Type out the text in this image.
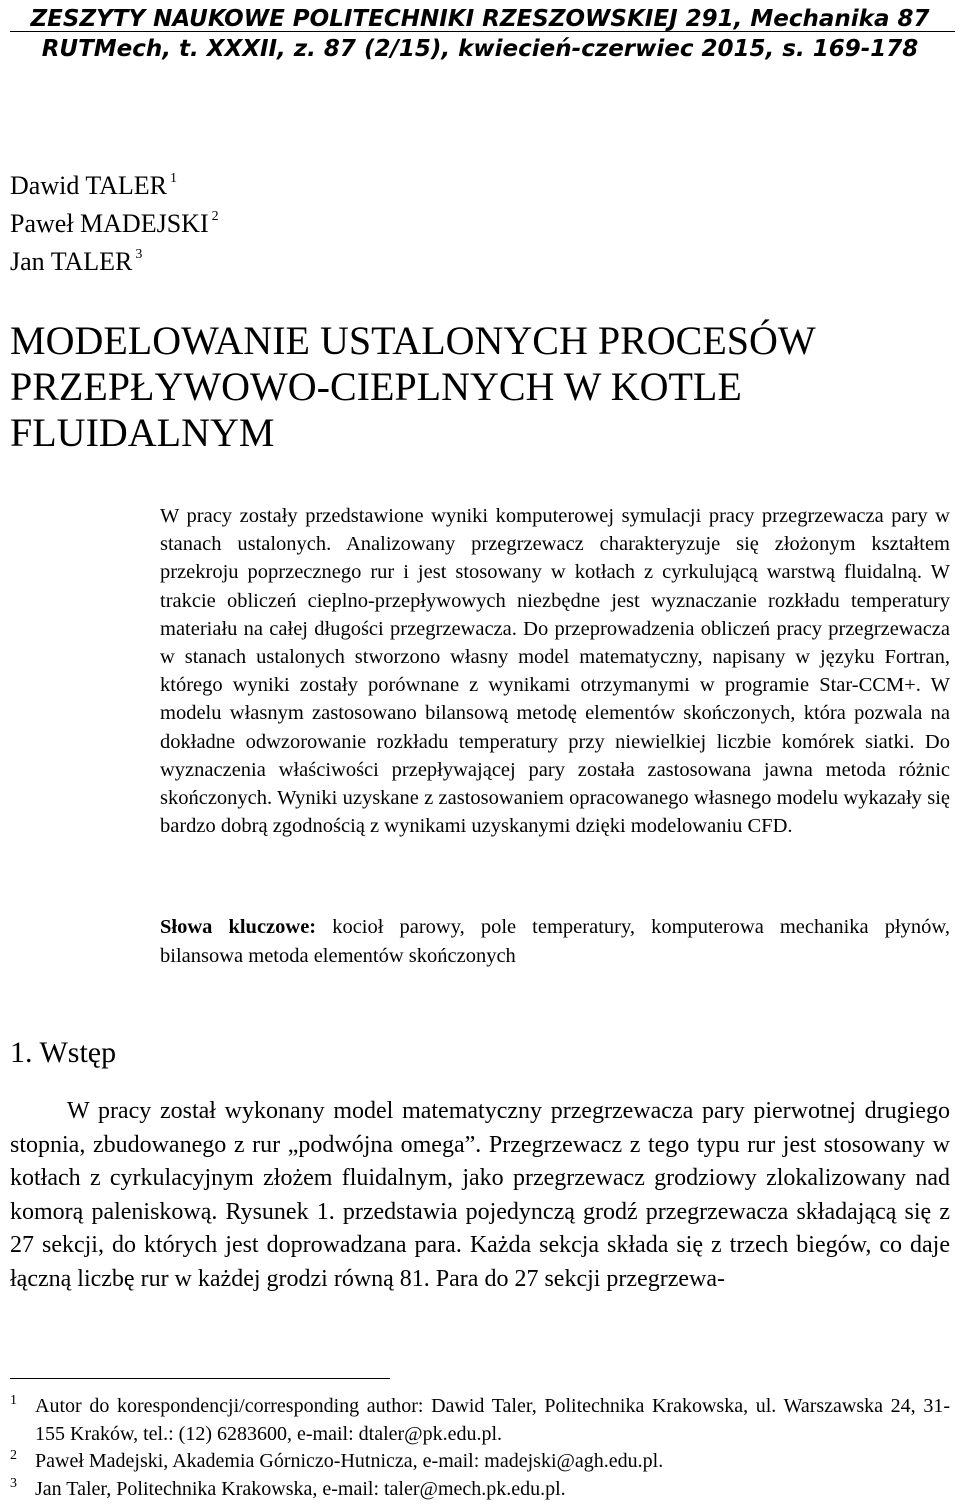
ZESZYTY NAUKOWE POLITECHNIKI RZESZOWSKIEJ 291, Mechanika 87
RUTMech, t. XXXII, z. 87 (2/15), kwiecień-czerwiec 2015, s. 169-178
Dawid TALER $^1$
Paweł MADEJSKI $^2$
Jan TALER $^3$
MODELOWANIE USTALONYCH PROCESÓW
PRZEPŁYWOWO-CIEPLNYCH W KOTLE
FLUIDALNYM

W pracy zostały przedstawione wyniki komputerowej symulacji pracy przegrzewacza pary w stanach ustalonych. Analizowany przegrzewacz charakteryzuje się złożonym kształtem przekroju poprzecznego rur i jest stosowany w kotłach z cyrkulującą warstwą fluidalną. W trakcie obliczeń cieplno-przepływowych niezbędne jest wyznaczanie rozkładu temperatury materiału na całej długości przegrzewacza. Do przeprowadzenia obliczeń pracy przegrzewacza w stanach ustalonych stworzono własny model matematyczny, napisany w języku Fortran, którego wyniki zostały porównane z wynikami otrzymanymi w programie Star-CCM+. W modelu własnym zastosowano bilansową metodę elementów skończonych, która pozwala na dokładne odwzorowanie rozkładu temperatury przy niewielkiej liczbie komórek siatki. Do wyznaczenia właściwości przepływającej pary została zastosowana jawna metoda różnic skończonych. Wyniki uzyskane z zastosowaniem opracowanego własnego modelu wykazały się bardzo dobrą zgodnością z wynikami uzyskanymi dzięki modelowaniu CFD.

Słowa kluczowe: kocioł parowy, pole temperatury, komputerowa mechanika płynów, bilansowa metoda elementów skończonych

1. Wstęp

W pracy został wykonany model matematyczny przegrzewacza pary pierwotnej drugiego stopnia, zbudowanego z rur „podwójna omega”. Przegrzewacz z tego typu rur jest stosowany w kotłach z cyrkulacyjnym złożem fluidalnym, jako przegrzewacz grodziowy zlokalizowany nad komorą paleniskową. Rysunek 1. przedstawia pojedynczą grodź przegrzewacza składającą się z 27 sekcji, do których jest doprowadzana para. Każda sekcja składa się z trzech biegów, co daje łączną liczbę rur w każdej grodzi równą 81. Para do 27 sekcji przegrzewa-

1 Autor do korespondencji/corresponding author: Dawid Taler, Politechnika Krakowska, ul. Warszawska 24, 31-155 Kraków, tel.: (12) 6283600, e-mail: dtaler@pk.edu.pl.
2 Paweł Madejski, Akademia Górniczo-Hutnicza, e-mail: madejski@agh.edu.pl.
3 Jan Taler, Politechnika Krakowska, e-mail: taler@mech.pk.edu.pl.
